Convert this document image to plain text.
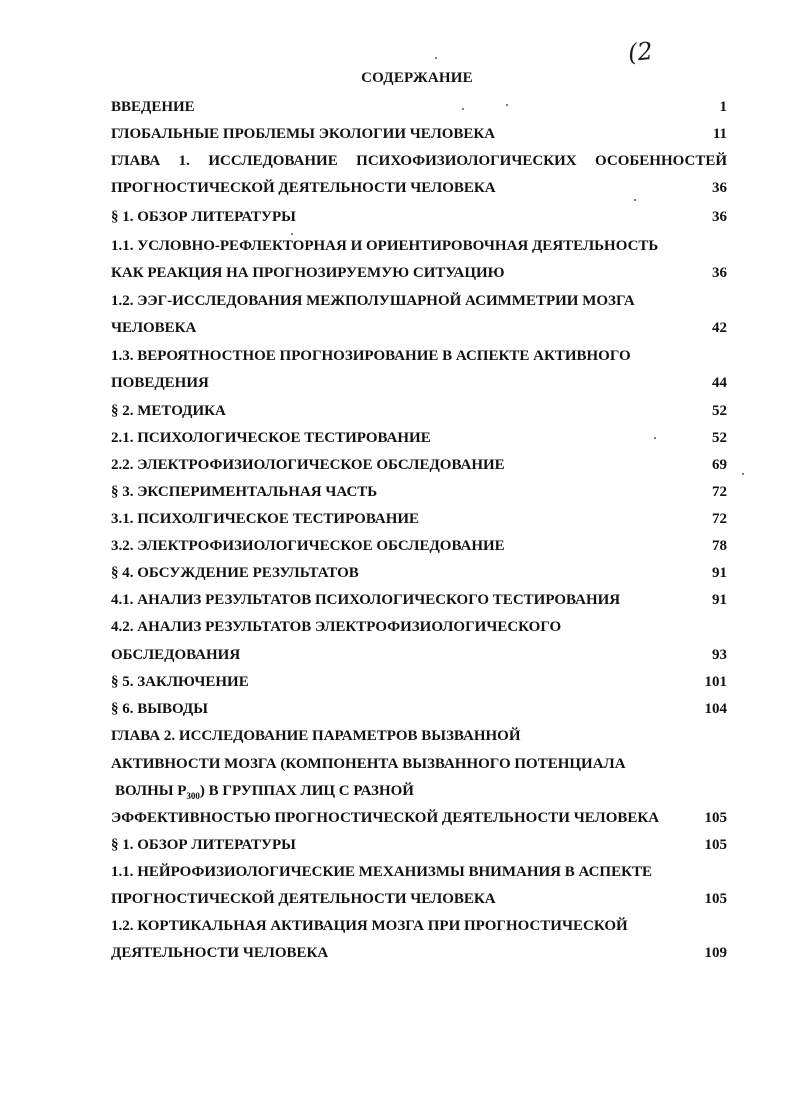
(2
СОДЕРЖАНИЕ
ВВЕДЕНИЕ	1
ГЛОБАЛЬНЫЕ ПРОБЛЕМЫ ЭКОЛОГИИ ЧЕЛОВЕКА	11
ГЛАВА 1. ИССЛЕДОВАНИЕ ПСИХОФИЗИОЛОГИЧЕСКИХ ОСОБЕННОСТЕЙ
ПРОГНОСТИЧЕСКОЙ ДЕЯТЕЛЬНОСТИ ЧЕЛОВЕКА	36
§ 1. ОБЗОР ЛИТЕРАТУРЫ	36
1.1. УСЛОВНО-РЕФЛЕКТОРНАЯ И ОРИЕНТИРОВОЧНАЯ ДЕЯТЕЛЬНОСТЬ
КАК РЕАКЦИЯ НА ПРОГНОЗИРУЕМУЮ СИТУАЦИЮ	36
1.2. ЭЭГ-ИССЛЕДОВАНИЯ МЕЖПОЛУШАРНОЙ АСИММЕТРИИ МОЗГА
ЧЕЛОВЕКА	42
1.3. ВЕРОЯТНОСТНОЕ ПРОГНОЗИРОВАНИЕ В АСПЕКТЕ АКТИВНОГО
ПОВЕДЕНИЯ	44
§ 2. МЕТОДИКА	52
2.1. ПСИХОЛОГИЧЕСКОЕ ТЕСТИРОВАНИЕ	52
2.2. ЭЛЕКТРОФИЗИОЛОГИЧЕСКОЕ ОБСЛЕДОВАНИЕ	69
§ 3. ЭКСПЕРИМЕНТАЛЬНАЯ ЧАСТЬ	72
3.1. ПСИХОЛГИЧЕСКОЕ ТЕСТИРОВАНИЕ	72
3.2. ЭЛЕКТРОФИЗИОЛОГИЧЕСКОЕ ОБСЛЕДОВАНИЕ	78
§ 4. ОБСУЖДЕНИЕ РЕЗУЛЬТАТОВ	91
4.1. АНАЛИЗ РЕЗУЛЬТАТОВ ПСИХОЛОГИЧЕСКОГО ТЕСТИРОВАНИЯ	91
4.2. АНАЛИЗ РЕЗУЛЬТАТОВ ЭЛЕКТРОФИЗИОЛОГИЧЕСКОГО
ОБСЛЕДОВАНИЯ	93
§ 5. ЗАКЛЮЧЕНИЕ	101
§ 6. ВЫВОДЫ	104
ГЛАВА 2. ИССЛЕДОВАНИЕ ПАРАМЕТРОВ ВЫЗВАННОЙ
АКТИВНОСТИ МОЗГА (КОМПОНЕНТА ВЫЗВАННОГО ПОТЕНЦИАЛА
ВОЛНЫ $P_{300}$) В ГРУППАХ ЛИЦ С РАЗНОЙ
ЭФФЕКТИВНОСТЬЮ ПРОГНОСТИЧЕСКОЙ ДЕЯТЕЛЬНОСТИ ЧЕЛОВЕКА	105
§ 1. ОБЗОР ЛИТЕРАТУРЫ	105
1.1. НЕЙРОФИЗИОЛОГИЧЕСКИЕ МЕХАНИЗМЫ ВНИМАНИЯ В АСПЕКТЕ
ПРОГНОСТИЧЕСКОЙ ДЕЯТЕЛЬНОСТИ ЧЕЛОВЕКА	105
1.2. КОРТИКАЛЬНАЯ АКТИВАЦИЯ МОЗГА ПРИ ПРОГНОСТИЧЕСКОЙ
ДЕЯТЕЛЬНОСТИ ЧЕЛОВЕКА	109
